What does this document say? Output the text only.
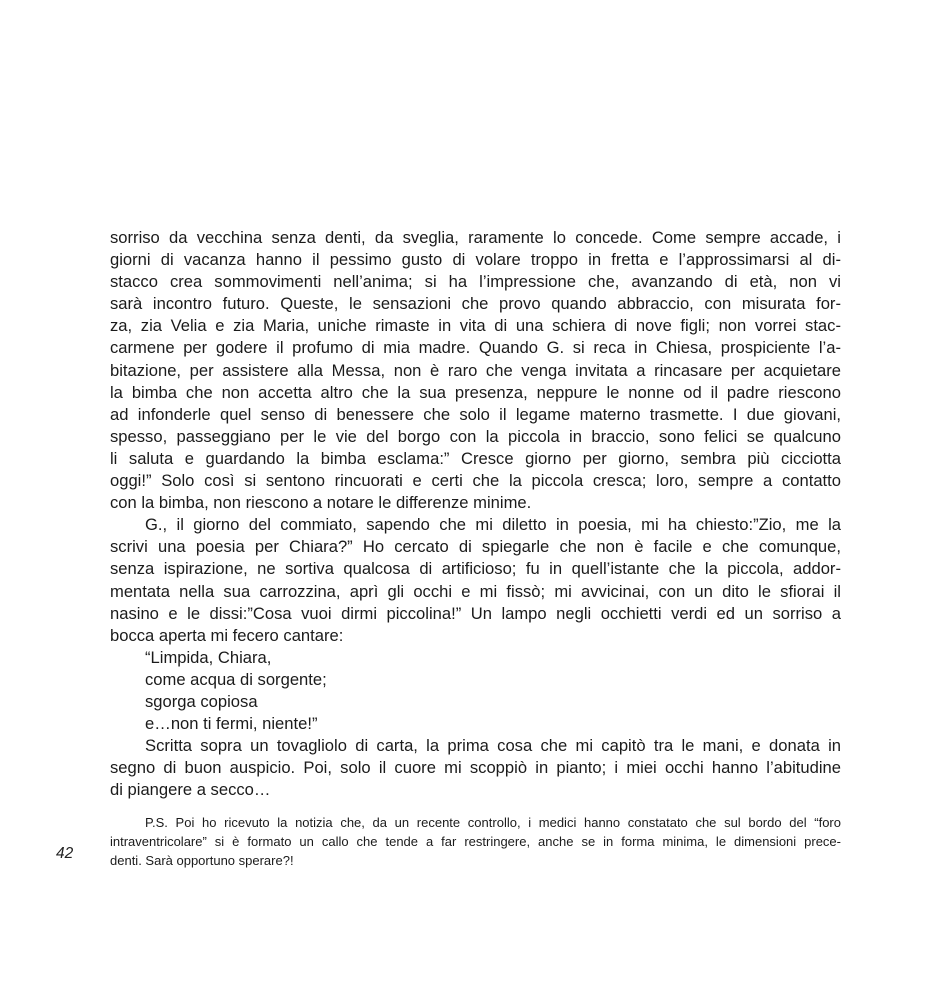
sorriso da vecchina senza denti, da sveglia, raramente lo concede. Come sempre accade, i
giorni di vacanza hanno il pessimo gusto di volare troppo in fretta e l’approssimarsi al di-
stacco crea sommovimenti nell’anima; si ha l’impressione che, avanzando di età, non vi
sarà incontro futuro. Queste, le sensazioni che provo quando abbraccio, con misurata for-
za, zia Velia e zia Maria, uniche rimaste in vita di una schiera di nove figli; non vorrei stac-
carmene per godere il profumo di mia madre. Quando G. si reca in Chiesa, prospiciente l’a-
bitazione, per assistere alla Messa, non è raro che venga invitata a rincasare per acquietare
la bimba che non accetta altro che la sua presenza, neppure le nonne od il padre riescono
ad infonderle quel senso di benessere che solo il legame materno trasmette. I due giovani,
spesso, passeggiano per le vie del borgo con la piccola in braccio, sono felici se qualcuno
li saluta e guardando la bimba esclama:” Cresce giorno per giorno, sembra più cicciotta
oggi!” Solo così si sentono rincuorati e certi che la piccola cresca; loro, sempre a contatto
con la bimba, non riescono a notare le differenze minime.
G., il giorno del commiato, sapendo che mi diletto in poesia, mi ha chiesto:”Zio, me la
scrivi una poesia per Chiara?” Ho cercato di spiegarle che non è facile e che comunque,
senza ispirazione, ne sortiva qualcosa di artificioso; fu in quell’istante che la piccola, addor-
mentata nella sua carrozzina, aprì gli occhi e mi fissò; mi avvicinai, con un dito le sfiorai il
nasino e le dissi:”Cosa vuoi dirmi piccolina!” Un lampo negli occhietti verdi ed un sorriso a
bocca aperta mi fecero cantare:
“Limpida, Chiara,
come acqua di sorgente;
sgorga copiosa
e…non ti fermi, niente!”
Scritta sopra un tovagliolo di carta, la prima cosa che mi capitò tra le mani, e donata in
segno di buon auspicio. Poi, solo il cuore mi scoppiò in pianto; i miei occhi hanno l’abitudine
di piangere a secco…
P.S. Poi ho ricevuto la notizia che, da un recente controllo, i medici hanno constatato che sul bordo del “foro
intraventricolare” si è formato un callo che tende a far restringere, anche se in forma minima, le dimensioni prece-
denti. Sarà opportuno sperare?!
42
